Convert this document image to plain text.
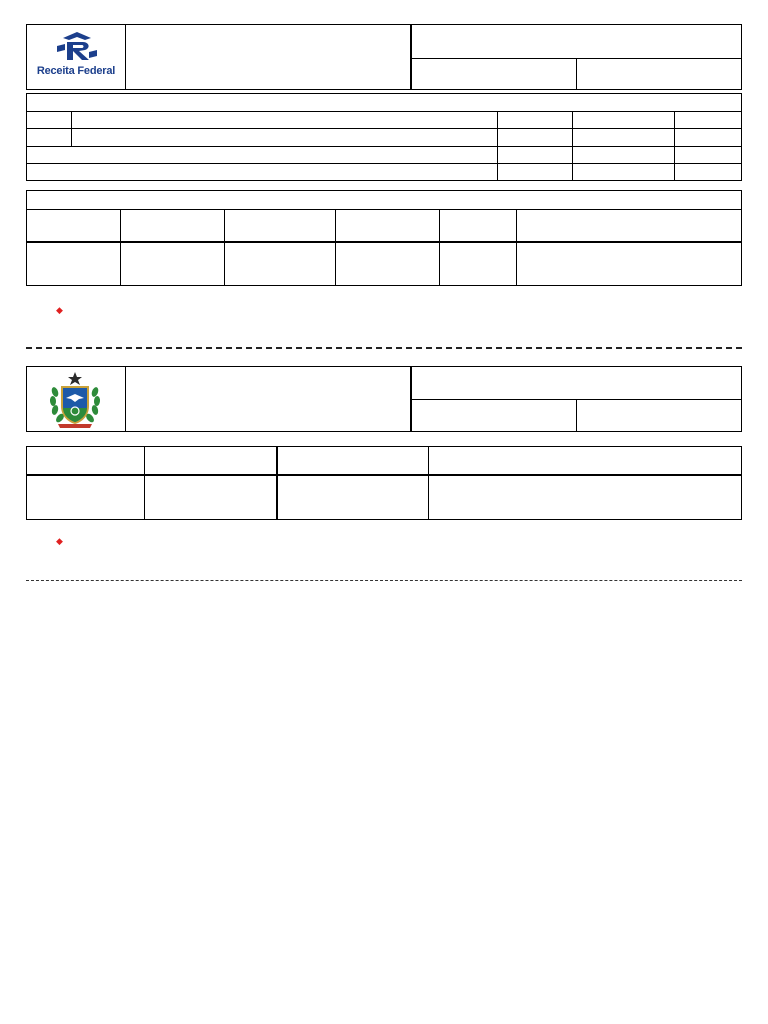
Receita Federal
◆
◆
